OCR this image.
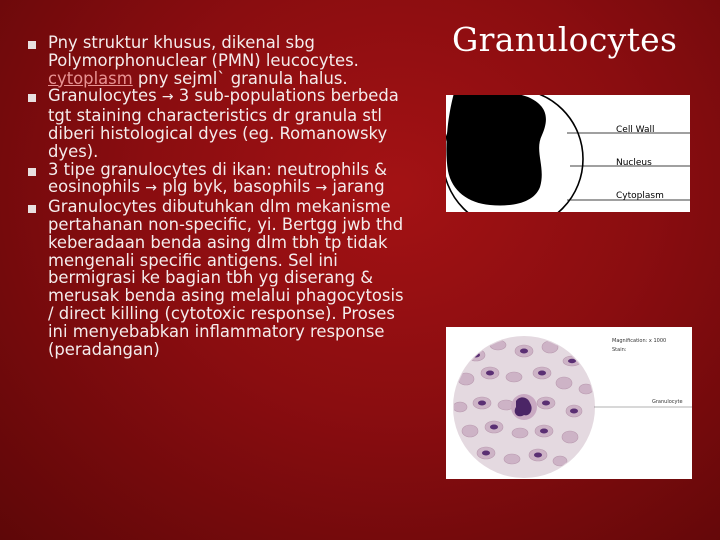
Pny struktur khusus, dikenal sbg Polymorphonuclear (PMN) leucocytes. cytoplasm pny sejml` granula halus.
Granulocytes → 3 sub-populations berbeda tgt staining characteristics dr granula stl diberi histological dyes (eg. Romanowsky dyes).
3 tipe granulocytes di ikan: neutrophils & eosinophils → plg byk, basophils → jarang
Granulocytes dibutuhkan dlm mekanisme pertahanan non-specific, yi. Bertgg jwb thd keberadaan benda asing dlm tbh tp tidak mengenali specific antigens. Sel ini bermigrasi ke bagian tbh yg diserang & merusak benda asing melalui phagocytosis / direct killing (cytotoxic response). Proses ini menyebabkan inflammatory response (peradangan)
Granulocytes
Cell Wall
Nucleus
Cytoplasm
Magnification: x 1000
Stain:
Granulocyte
